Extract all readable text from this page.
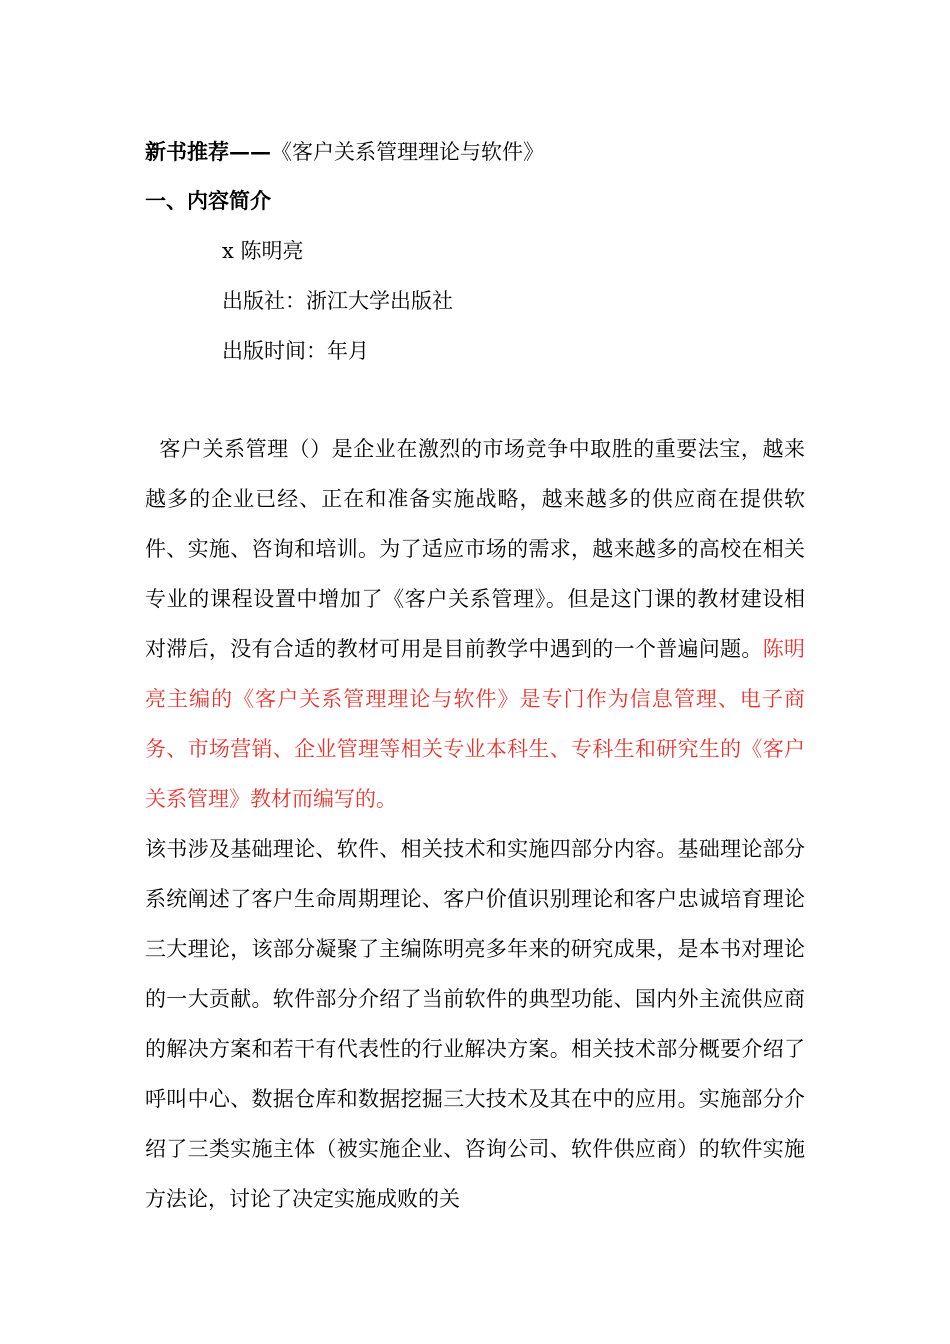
新书推荐——《客户关系管理理论与软件》
一、内容简介
x 陈明亮
出版社：浙江大学出版社
出版时间：年月
客户关系管理（）是企业在激烈的市场竞争中取胜的重要法宝，越来越多的企业已经、正在和准备实施战略，越来越多的供应商在提供软件、实施、咨询和培训。为了适应市场的需求，越来越多的高校在相关专业的课程设置中增加了《客户关系管理》。但是这门课的教材建设相对滞后，没有合适的教材可用是目前教学中遇到的一个普遍问题。陈明亮主编的《客户关系管理理论与软件》是专门作为信息管理、电子商务、市场营销、企业管理等相关专业本科生、专科生和研究生的《客户关系管理》教材而编写的。
该书涉及基础理论、软件、相关技术和实施四部分内容。基础理论部分系统阐述了客户生命周期理论、客户价值识别理论和客户忠诚培育理论三大理论，该部分凝聚了主编陈明亮多年来的研究成果，是本书对理论的一大贡献。软件部分介绍了当前软件的典型功能、国内外主流供应商的解决方案和若干有代表性的行业解决方案。相关技术部分概要介绍了呼叫中心、数据仓库和数据挖掘三大技术及其在中的应用。实施部分介绍了三类实施主体（被实施企业、咨询公司、软件供应商）的软件实施方法论，讨论了决定实施成败的关
